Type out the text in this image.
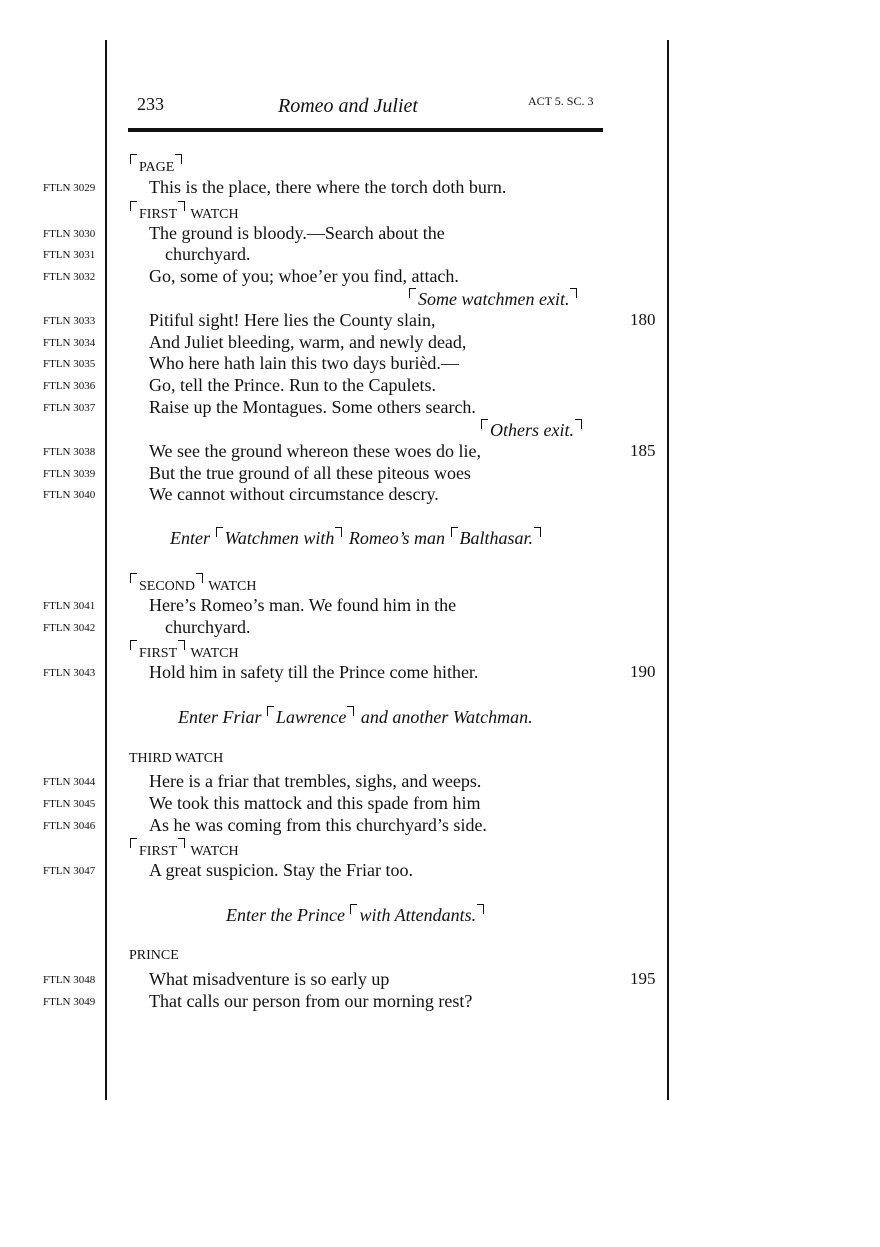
233	Romeo and Juliet	ACT 5. SC. 3
PAGE
FTLN 3029	This is the place, there where the torch doth burn.
FIRST WATCH
FTLN 3030	The ground is bloody.—Search about the
FTLN 3031	churchyard.
FTLN 3032	Go, some of you; whoe’er you find, attach.
Some watchmen exit.
FTLN 3033	Pitiful sight! Here lies the County slain,	180
FTLN 3034	And Juliet bleeding, warm, and newly dead,
FTLN 3035	Who here hath lain this two days burièd.—
FTLN 3036	Go, tell the Prince. Run to the Capulets.
FTLN 3037	Raise up the Montagues. Some others search.
Others exit.
FTLN 3038	We see the ground whereon these woes do lie,	185
FTLN 3039	But the true ground of all these piteous woes
FTLN 3040	We cannot without circumstance descry.
Enter Watchmen with Romeo’s man Balthasar.
SECOND WATCH
FTLN 3041	Here’s Romeo’s man. We found him in the
FTLN 3042	churchyard.
FIRST WATCH
FTLN 3043	Hold him in safety till the Prince come hither.	190
Enter Friar Lawrence and another Watchman.
THIRD WATCH
FTLN 3044	Here is a friar that trembles, sighs, and weeps.
FTLN 3045	We took this mattock and this spade from him
FTLN 3046	As he was coming from this churchyard’s side.
FIRST WATCH
FTLN 3047	A great suspicion. Stay the Friar too.
Enter the Prince with Attendants.
PRINCE
FTLN 3048	What misadventure is so early up	195
FTLN 3049	That calls our person from our morning rest?
